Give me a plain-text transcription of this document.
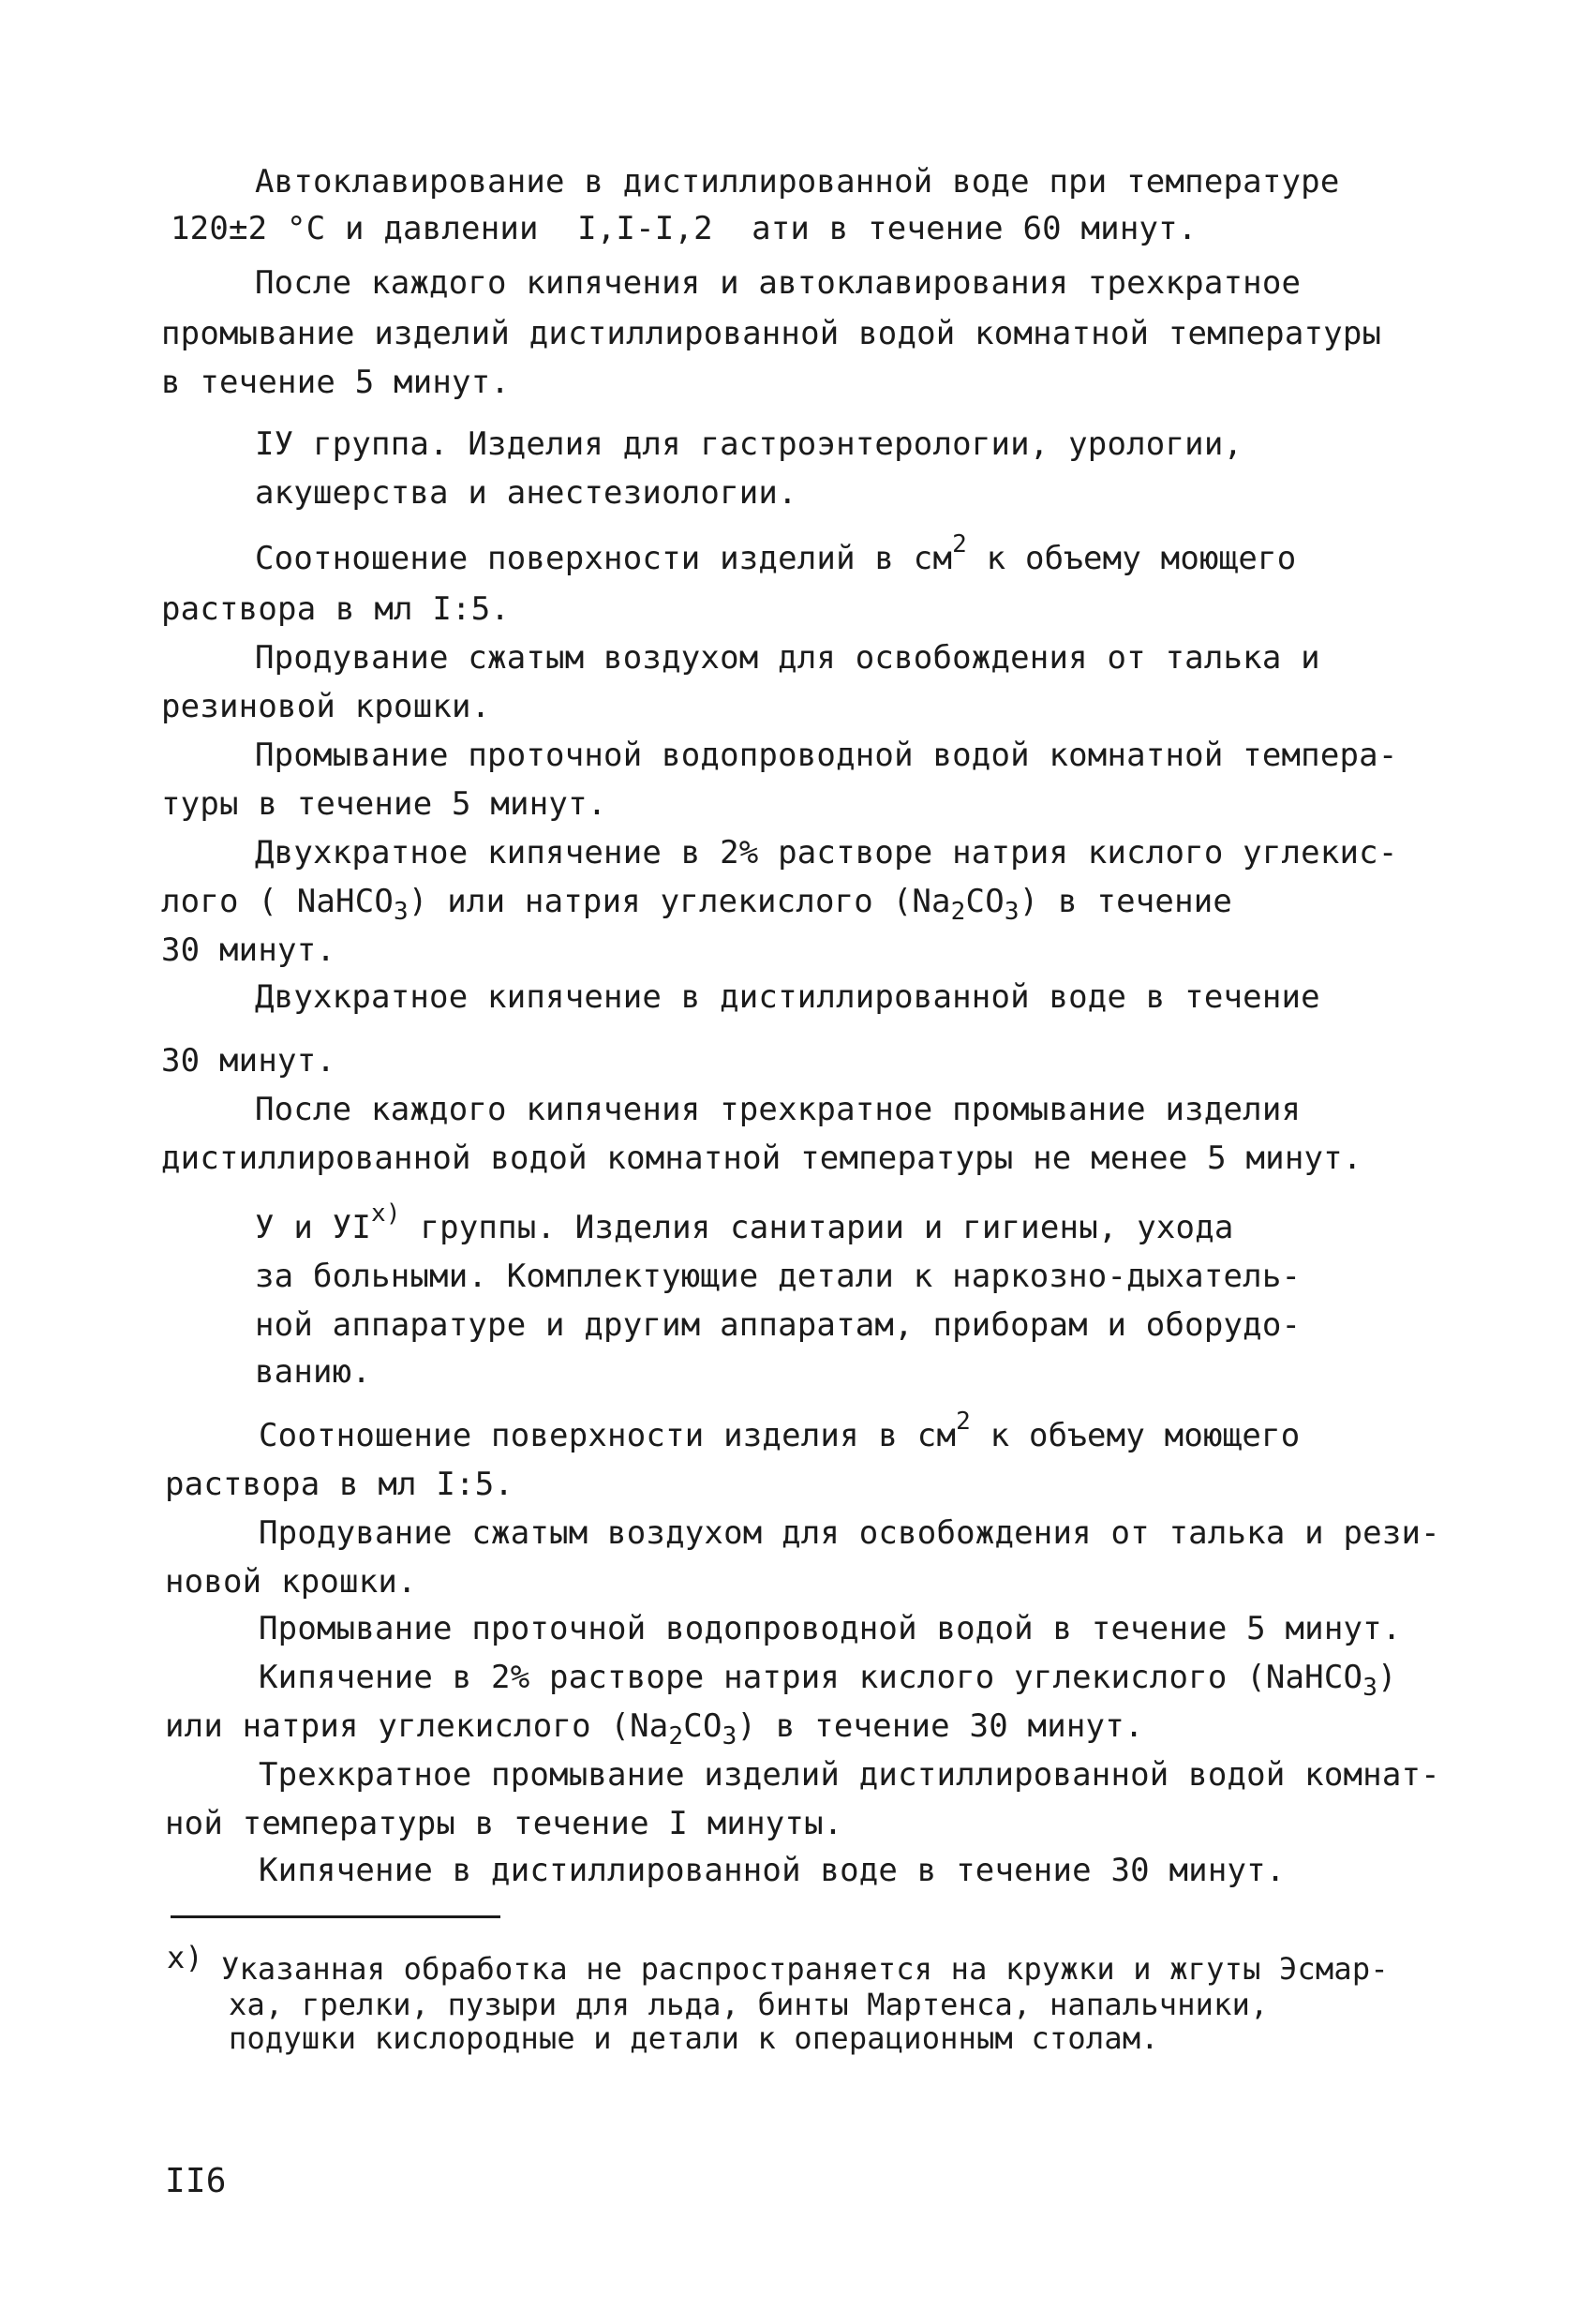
Автоклавирование в дистиллированной воде при температуре

120±2 °С и давлении  I,I-I,2  ати в течение 60 минут.

После каждого кипячения и автоклавирования трехкратное

промывание изделий дистиллированной водой комнатной температуры

в течение 5 минут.

IУ группа. Изделия для гастроэнтерологии, урологии,

акушерства и анестезиологии.

Соотношение поверхности изделий в $см^2$ к объему моющего

раствора в мл I:5.

Продувание сжатым воздухом для освобождения от талька и

резиновой крошки.

Промывание проточной водопроводной водой комнатной темпера-

туры в течение 5 минут.

Двухкратное кипячение в 2% растворе натрия кислого углекис-

лого ( NaHCO$_3$) или натрия углекислого $(Na_2CO_3)$ в течение

30 минут.

Двухкратное кипячение в дистиллированной воде в течение

30 минут.

После каждого кипячения трехкратное промывание изделия

дистиллированной водой комнатной температуры не менее 5 минут.

У и $УI^{х)}$ группы. Изделия санитарии и гигиены, ухода

за больными. Комплектующие детали к наркозно-дыхатель-

ной аппаратуре и другим аппаратам, приборам и оборудо-

ванию.

Соотношение поверхности изделия в $см^2$ к объему моющего

раствора в мл I:5.

Продувание сжатым воздухом для освобождения от талька и рези-

новой крошки.

Промывание проточной водопроводной водой в течение 5 минут.

Кипячение в 2% растворе натрия кислого углекислого (NaHCO$_3$)

или натрия углекислого $(Na_2CO_3)$ в течение 30 минут.

Трехкратное промывание изделий дистиллированной водой комнат-

ной температуры в течение I минуты.

Кипячение в дистиллированной воде в течение 30 минут.

х) Указанная обработка не распространяется на кружки и жгуты Эсмар-

ха, грелки, пузыри для льда, бинты Мартенса, напальчники,

подушки кислородные и детали к операционным столам.

II6
